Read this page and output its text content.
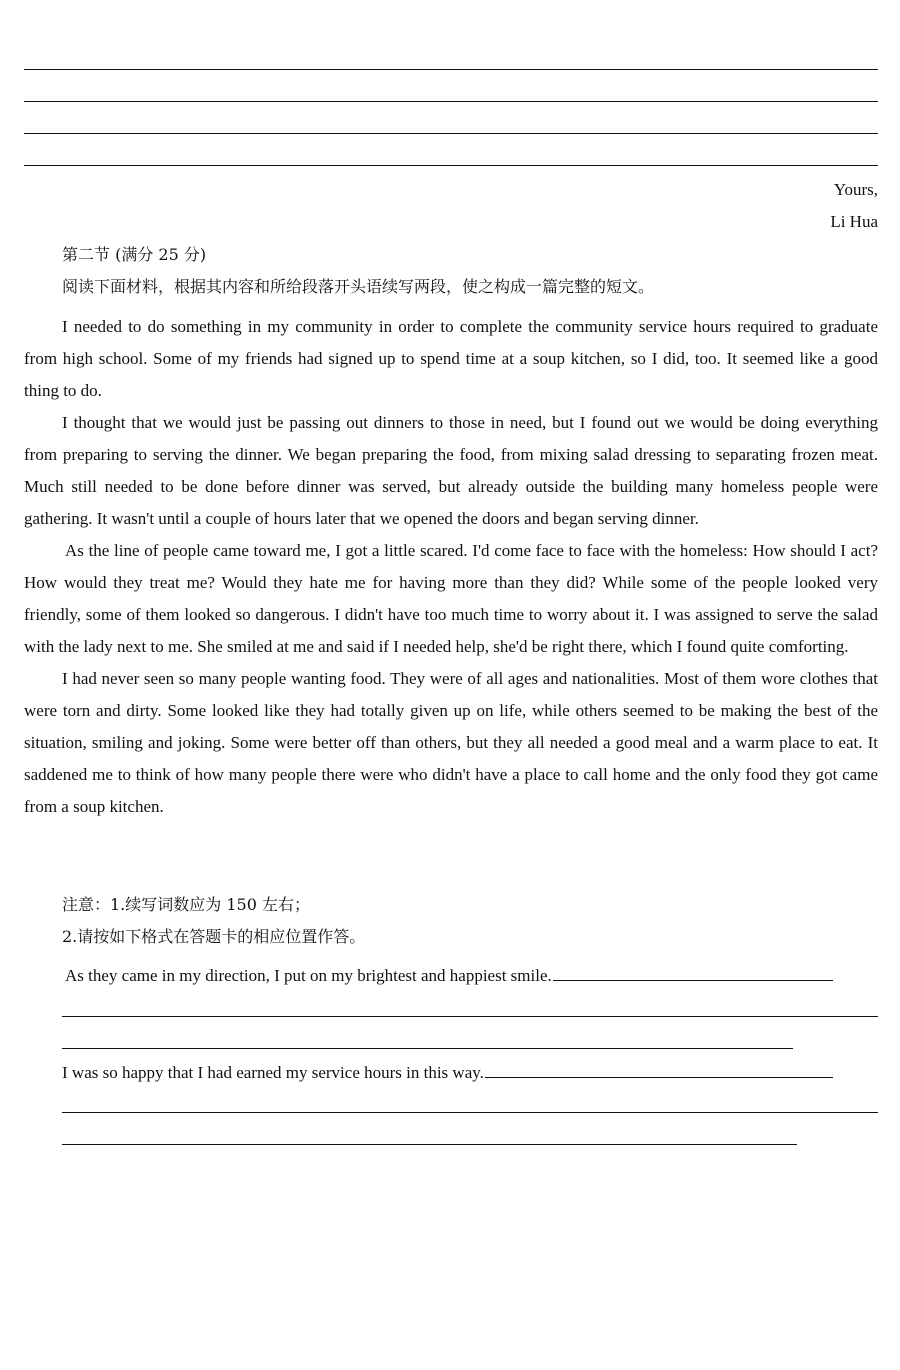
Yours,
Li Hua
第二节 (满分 25 分)
阅读下面材料，根据其内容和所给段落开头语续写两段，使之构成一篇完整的短文。

I needed to do something in my community in order to complete the community service hours required to graduate from high school. Some of my friends had signed up to spend time at a soup kitchen, so I did, too. It seemed like a good thing to do.

I thought that we would just be passing out dinners to those in need, but I found out we would be doing everything from preparing to serving the dinner. We began preparing the food, from mixing salad dressing to separating frozen meat. Much still needed to be done before dinner was served, but already outside the building many homeless people were gathering. It wasn't until a couple of hours later that we opened the doors and began serving dinner.

As the line of people came toward me, I got a little scared. I'd come face to face with the homeless: How should I act? How would they treat me? Would they hate me for having more than they did? While some of the people looked very friendly, some of them looked so dangerous. I didn't have too much time to worry about it. I was assigned to serve the salad with the lady next to me. She smiled at me and said if I needed help, she'd be right there, which I found quite comforting.

I had never seen so many people wanting food. They were of all ages and nationalities. Most of them wore clothes that were torn and dirty. Some looked like they had totally given up on life, while others seemed to be making the best of the situation, smiling and joking. Some were better off than others, but they all needed a good meal and a warm place to eat. It saddened me to think of how many people there were who didn't have a place to call home and the only food they got came from a soup kitchen.

注意：1.续写词数应为 150 左右；
2.请按如下格式在答题卡的相应位置作答。
As they came in my direction, I put on my brightest and happiest smile.
I was so happy that I had earned my service hours in this way.
